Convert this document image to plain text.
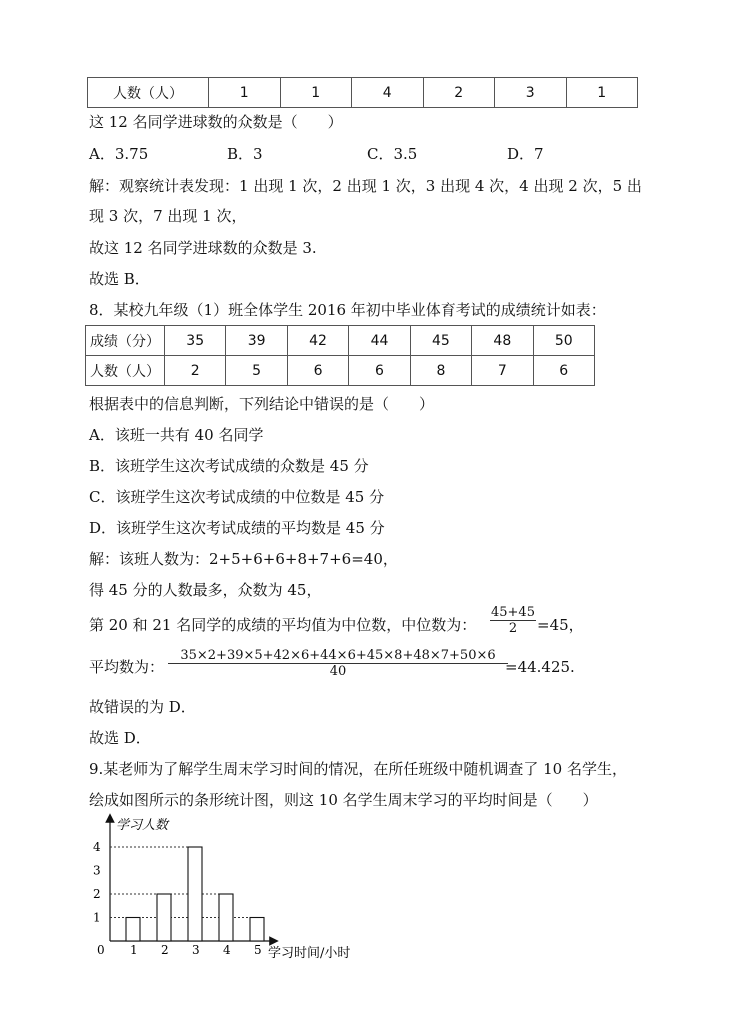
人数（人）	1	1	4	2	3	1
这 12 名同学进球数的众数是（　　）
A．3.75	B．3	C．3.5	D．7
解：观察统计表发现：1 出现 1 次，2 出现 1 次，3 出现 4 次，4 出现 2 次，5 出
现 3 次，7 出现 1 次，
故这 12 名同学进球数的众数是 3.
故选 B．
8．某校九年级（1）班全体学生 2016 年初中毕业体育考试的成绩统计如表：
成绩（分）	35	39	42	44	45	48	50
人数（人）	2	5	6	6	8	7	6
根据表中的信息判断，下列结论中错误的是（　　）
A．该班一共有 40 名同学
B．该班学生这次考试成绩的众数是 45 分
C．该班学生这次考试成绩的中位数是 45 分
D．该班学生这次考试成绩的平均数是 45 分
解：该班人数为：2+5+6+6+8+7+6=40，
得 45 分的人数最多，众数为 45，
第 20 和 21 名同学的成绩的平均值为中位数，中位数为： $\frac{45+45}{2} =45$，
平均数为： $\frac{35\times 2+39\times 5+42\times 6+44\times 6+45\times 8+48\times 7+50\times 6}{40}$
=44.425.
故错误的为 D．
故选 D．
9.某老师为了解学生周末学习时间的情况，在所任班级中随机调查了 10 名学生，
绘成如图所示的条形统计图，则这 10 名学生周末学习的平均时间是（　　）
学习人数
学习时间/小时
0
1
2
3
4
1 2 3 4 5
